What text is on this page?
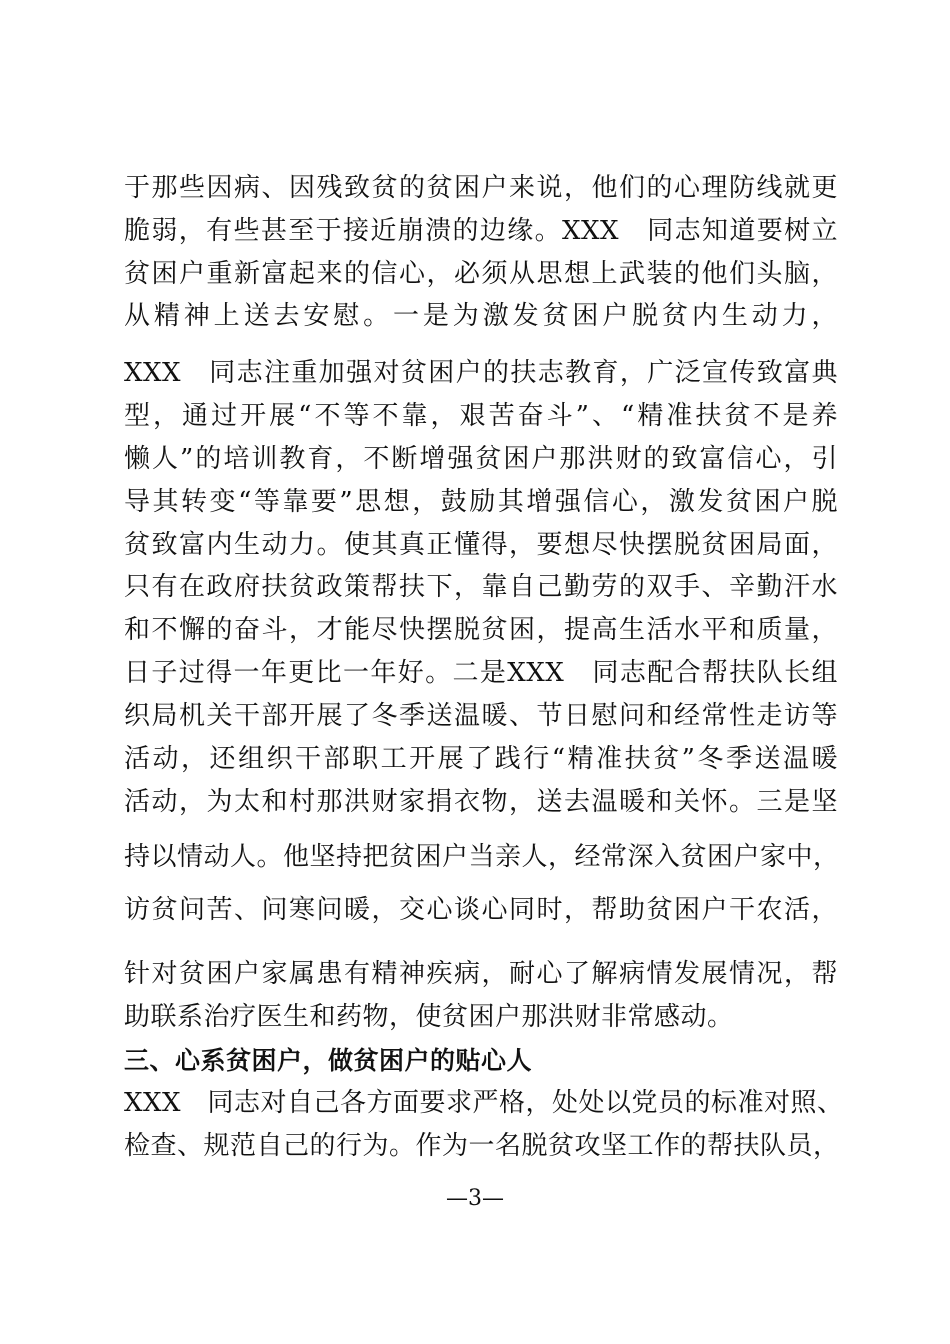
于那些因病、因残致贫的贫困户来说，他们的心理防线就更
脆弱，有些甚至于接近崩溃的边缘。XXX　同志知道要树立
贫困户重新富起来的信心，必须从思想上武装的他们头脑，
从精神上送去安慰。一是为激发贫困户脱贫内生动力，
XXX　同志注重加强对贫困户的扶志教育，广泛宣传致富典
型，通过开展“不等不靠，艰苦奋斗”、“精准扶贫不是养
懒人”的培训教育，不断增强贫困户那洪财的致富信心，引
导其转变“等靠要”思想，鼓励其增强信心，激发贫困户脱
贫致富内生动力。使其真正懂得，要想尽快摆脱贫困局面，
只有在政府扶贫政策帮扶下，靠自己勤劳的双手、辛勤汗水
和不懈的奋斗，才能尽快摆脱贫困，提高生活水平和质量，
日子过得一年更比一年好。二是XXX　同志配合帮扶队长组
织局机关干部开展了冬季送温暖、节日慰问和经常性走访等
活动，还组织干部职工开展了践行“精准扶贫”冬季送温暖
活动，为太和村那洪财家捐衣物，送去温暖和关怀。三是坚
持以情动人。他坚持把贫困户当亲人，经常深入贫困户家中，
访贫问苦、问寒问暖，交心谈心同时，帮助贫困户干农活，
针对贫困户家属患有精神疾病，耐心了解病情发展情况，帮
助联系治疗医生和药物，使贫困户那洪财非常感动。
三、心系贫困户，做贫困户的贴心人
XXX　同志对自己各方面要求严格，处处以党员的标准对照、
检查、规范自己的行为。作为一名脱贫攻坚工作的帮扶队员，
—3—
